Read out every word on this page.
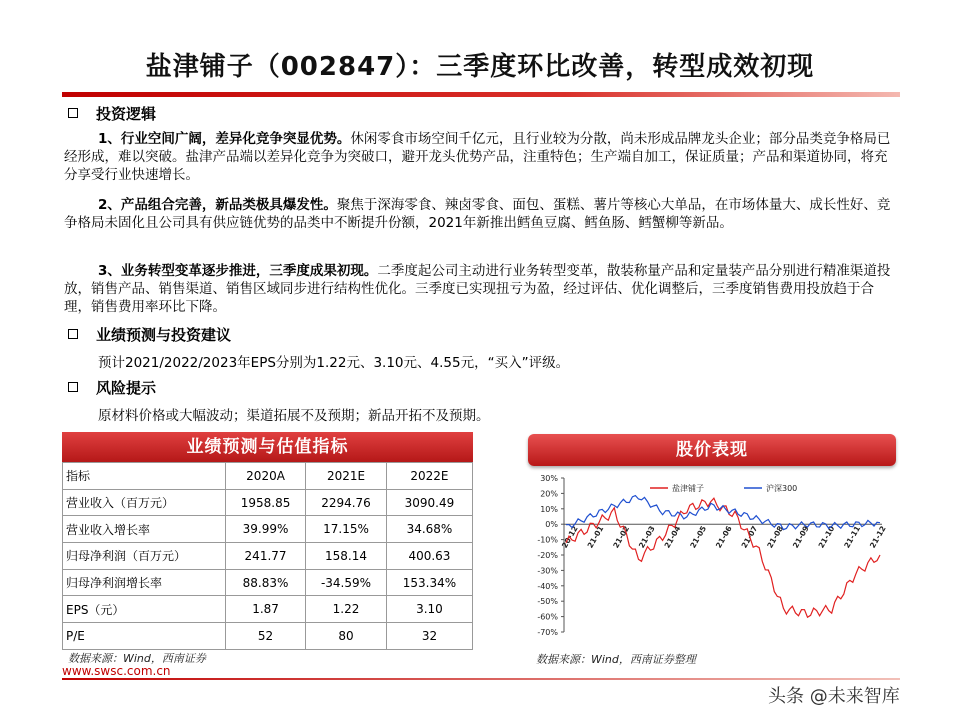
盐津铺子（002847）：三季度环比改善，转型成效初现
投资逻辑
1、行业空间广阔，差异化竞争突显优势。休闲零食市场空间千亿元，且行业较为分散，尚未形成品牌龙头企业；部分品类竞争格局已经形成，难以突破。盐津产品端以差异化竞争为突破口，避开龙头优势产品，注重特色；生产端自加工，保证质量；产品和渠道协同，将充分享受行业快速增长。
2、产品组合完善，新品类极具爆发性。聚焦于深海零食、辣卤零食、面包、蛋糕、薯片等核心大单品，在市场体量大、成长性好、竞争格局未固化且公司具有供应链优势的品类中不断提升份额，2021年新推出鳕鱼豆腐、鳕鱼肠、鳕蟹柳等新品。
3、业务转型变革逐步推进，三季度成果初现。二季度起公司主动进行业务转型变革，散装称量产品和定量装产品分别进行精准渠道投放，销售产品、销售渠道、销售区域同步进行结构性优化。三季度已实现扭亏为盈，经过评估、优化调整后，三季度销售费用投放趋于合理，销售费用率环比下降。
业绩预测与投资建议
预计2021/2022/2023年EPS分别为1.22元、3.10元、4.55元，“买入”评级。
风险提示
原材料价格或大幅波动；渠道拓展不及预期；新品开拓不及预期。
业绩预测与估值指标
指标	2020A	2021E	2022E
营业收入（百万元）	1958.85	2294.76	3090.49
营业收入增长率	39.99%	17.15%	34.68%
归母净利润（百万元）	241.77	158.14	400.63
归母净利润增长率	88.83%	-34.59%	153.34%
EPS（元）	1.87	1.22	3.10
P/E	52	80	32
数据来源：Wind，西南证券
股价表现
30%
20%
10%
0%
-10%
-20%
-30%
-40%
-50%
-60%
-70%
20-12 21-01 21-02 21-03 21-04 21-05 21-06 21-07 21-08 21-09 21-10 21-11 21-12
盐津铺子	沪深300
数据来源：Wind，西南证券整理
www.swsc.com.cn
头条 @未来智库
